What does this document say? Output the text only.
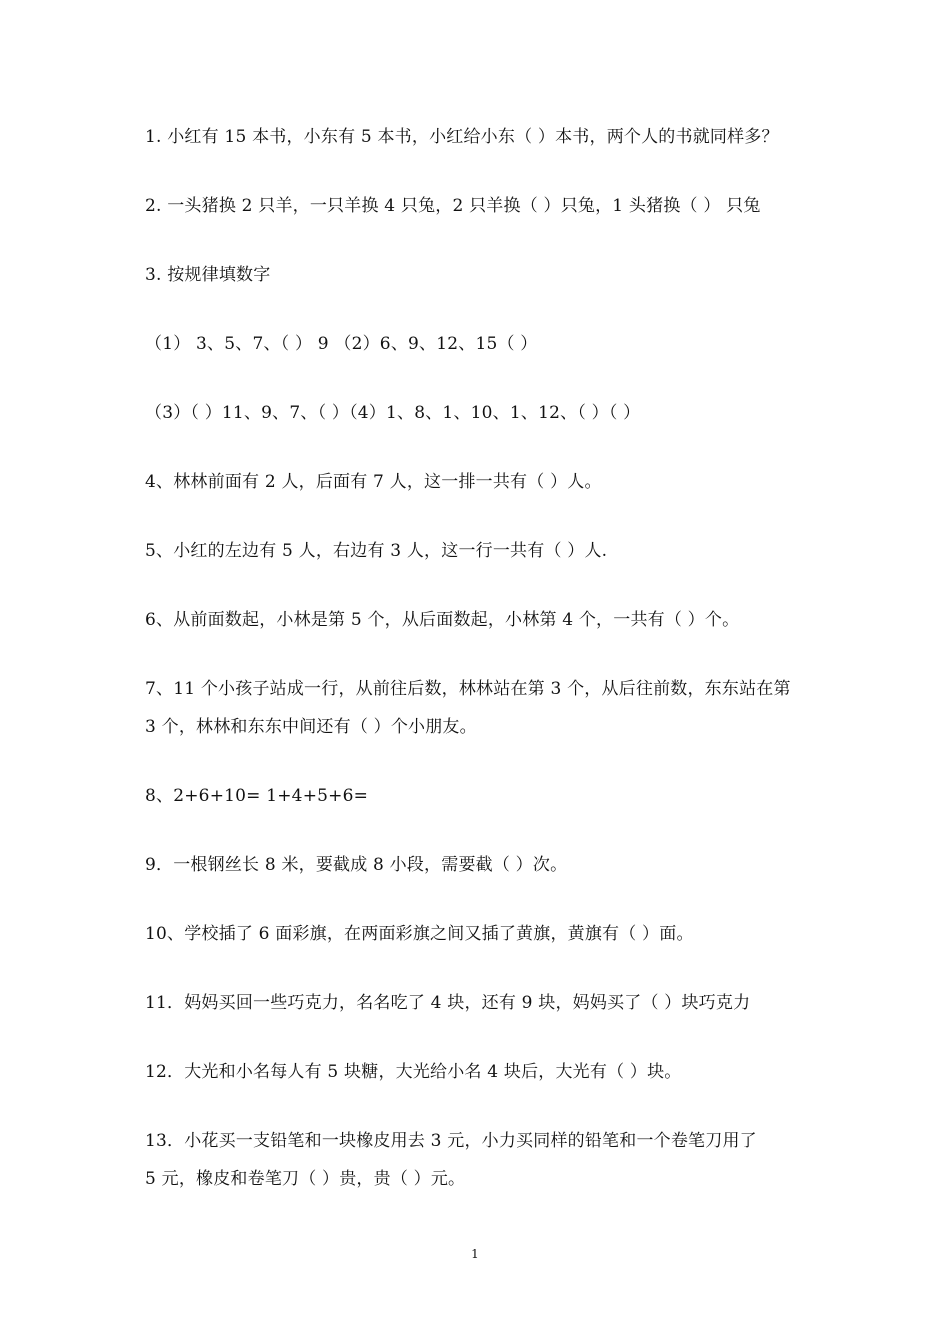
1. 小红有 15 本书，小东有 5 本书，小红给小东（ ）本书，两个人的书就同样多？
2. 一头猪换 2 只羊，一只羊换 4 只兔，2 只羊换（ ）只兔，1 头猪换（ ） 只兔
3. 按规律填数字
（1） 3、5、7、（ ） 9 （2）6、9、12、15（ ）
（3）（ ）11、9、7、（ ）（4）1、8、1、10、1、12、（ ）（ ）
4、林林前面有 2 人，后面有 7 人，这一排一共有（ ）人。
5、小红的左边有 5 人，右边有 3 人，这一行一共有（ ）人.
6、从前面数起，小林是第 5 个，从后面数起，小林第 4 个，一共有（ ）个。
7、11 个小孩子站成一行，从前往后数，林林站在第 3 个，从后往前数，东东站在第
3 个，林林和东东中间还有（ ）个小朋友。
8、2+6+10= 1+4+5+6=
9．一根钢丝长 8 米，要截成 8 小段，需要截（ ）次。
10、学校插了 6 面彩旗，在两面彩旗之间又插了黄旗，黄旗有（ ）面。
11．妈妈买回一些巧克力，名名吃了 4 块，还有 9 块，妈妈买了（ ）块巧克力
12．大光和小名每人有 5 块糖，大光给小名 4 块后，大光有（ ）块。
13．小花买一支铅笔和一块橡皮用去 3 元，小力买同样的铅笔和一个卷笔刀用了
5 元，橡皮和卷笔刀（ ）贵，贵（ ）元。
1
